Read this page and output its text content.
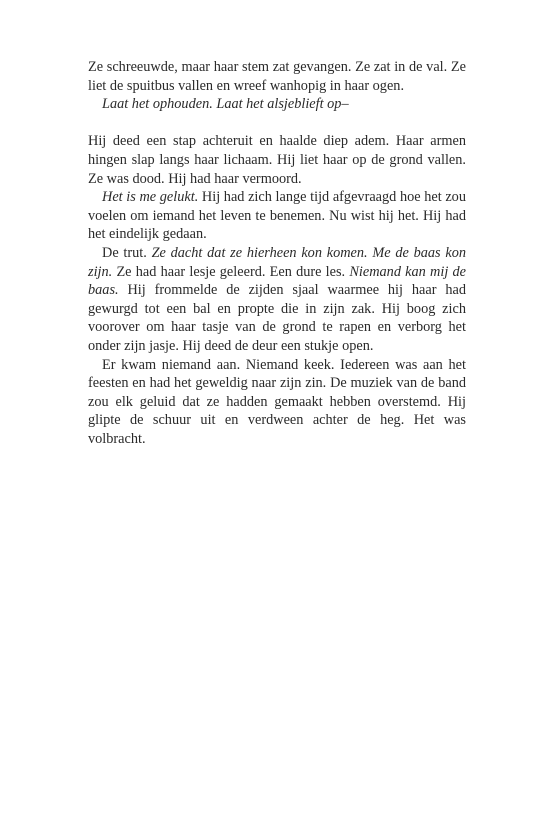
Ze schreeuwde, maar haar stem zat gevangen. Ze zat in de val. Ze liet de spuitbus vallen en wreef wanhopig in haar ogen.

Laat het ophouden. Laat het alsjeblieft op–

Hij deed een stap achteruit en haalde diep adem. Haar armen hingen slap langs haar lichaam. Hij liet haar op de grond vallen. Ze was dood. Hij had haar vermoord.

Het is me gelukt. Hij had zich lange tijd afgevraagd hoe het zou voelen om iemand het leven te benemen. Nu wist hij het. Hij had het eindelijk gedaan.

De trut. Ze dacht dat ze hierheen kon komen. Me de baas kon zijn. Ze had haar lesje geleerd. Een dure les. Niemand kan mij de baas. Hij frommelde de zijden sjaal waarmee hij haar had gewurgd tot een bal en propte die in zijn zak. Hij boog zich voorover om haar tasje van de grond te rapen en verborg het onder zijn jasje. Hij deed de deur een stukje open.

Er kwam niemand aan. Niemand keek. Iedereen was aan het feesten en had het geweldig naar zijn zin. De muziek van de band zou elk geluid dat ze hadden gemaakt hebben overstemd. Hij glipte de schuur uit en verdween achter de heg. Het was volbracht.
